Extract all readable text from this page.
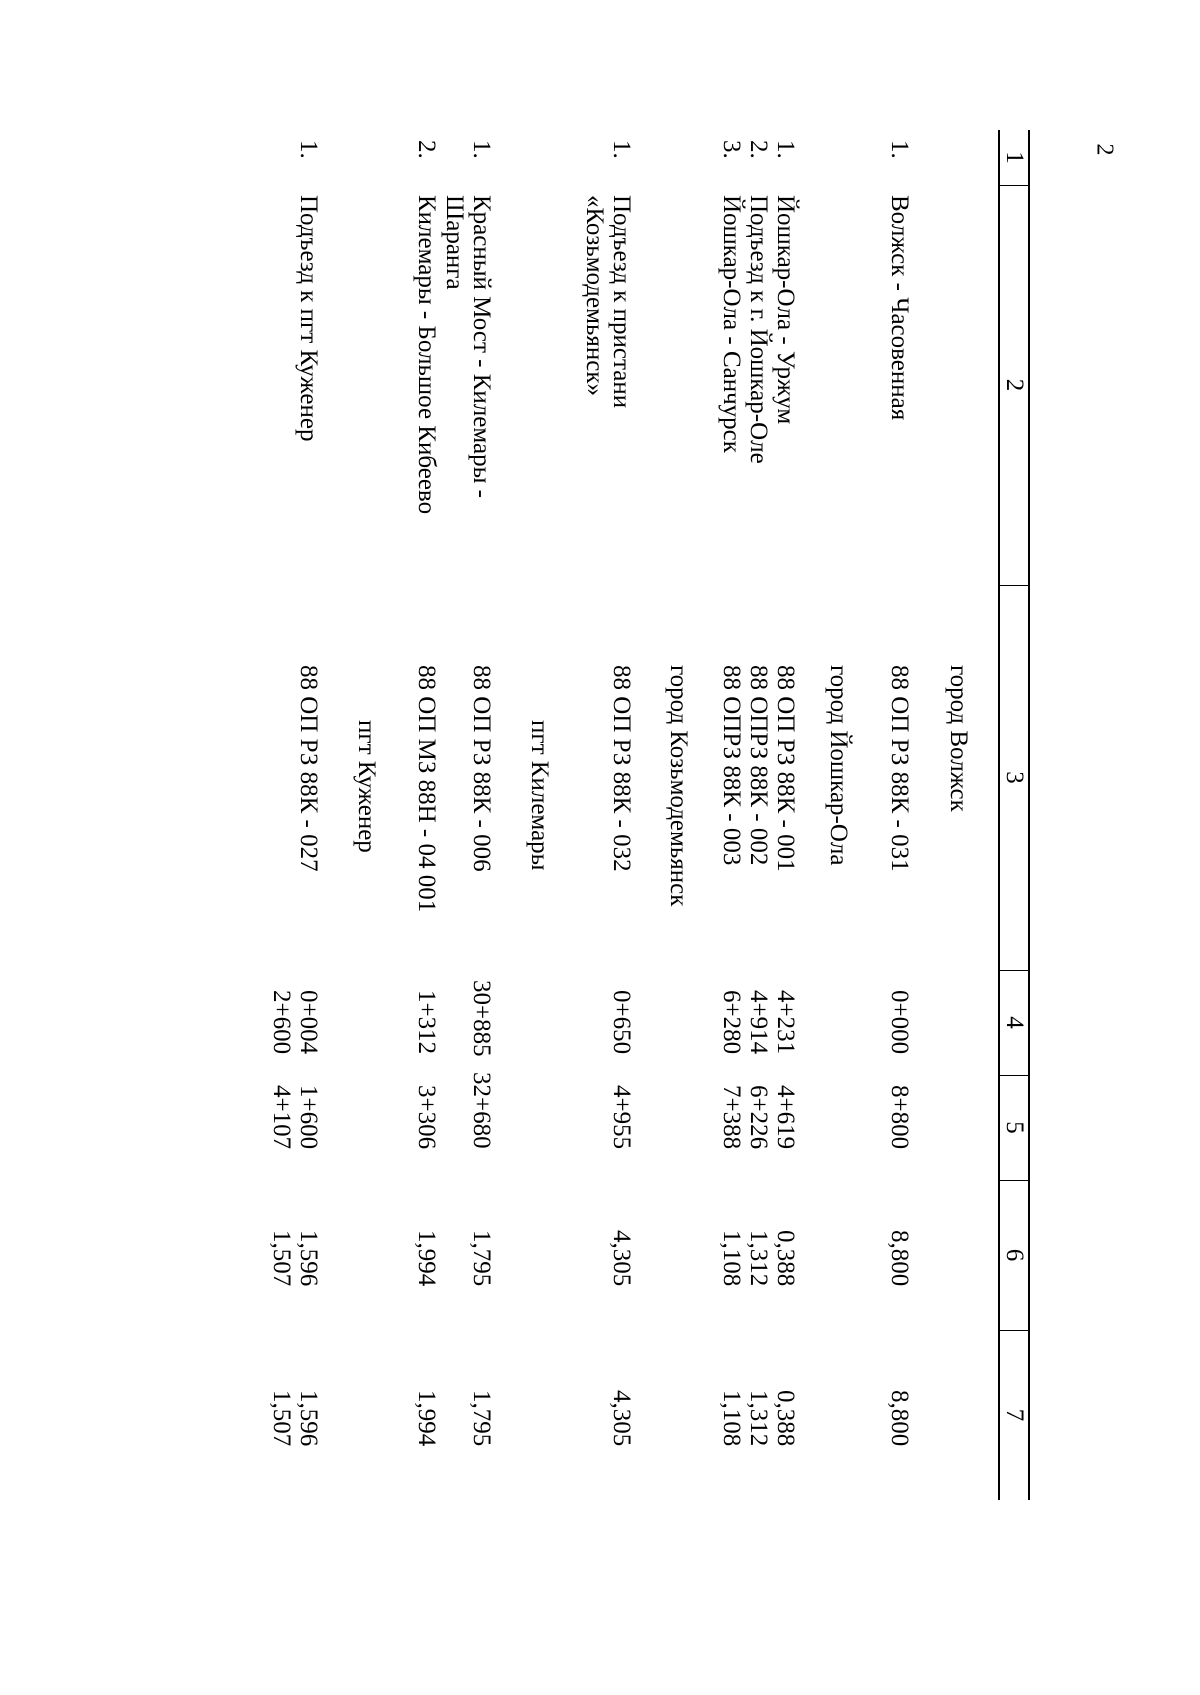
2
1
2
3
4
5
6
7
город Волжск
1.
Волжск - Часовенная
88 ОП РЗ 88К - 031
0+000
8+800
8,800
8,800
город Йошкар-Ола
1.
Йошкар-Ола - Уржум
88 ОП РЗ 88К - 001
4+231
4+619
0,388
0,388
2.
Подъезд к г. Йошкар-Оле
88 ОПРЗ 88К - 002
4+914
6+226
1,312
1,312
3.
Йошкар-Ола - Санчурск
88 ОПРЗ 88К - 003
6+280
7+388
1,108
1,108
город Козьмодемьянск
1.
Подъезд к пристани
«Козьмодемьянск»
88 ОП РЗ 88К - 032
0+650
4+955
4,305
4,305
пгт Килемары
1.
Красный Мост - Килемары -
Шаранга
88 ОП РЗ 88К - 006
30+885
32+680
1,795
1,795
2.
Килемары - Большое Кибеево
88 ОП МЗ 88Н - 04 001
1+312
3+306
1,994
1,994
пгт Куженер
1.
Подъезд к пгт Куженер
88 ОП РЗ 88К - 027
0+004
2+600
1+600
4+107
1,596
1,507
1,596
1,507
